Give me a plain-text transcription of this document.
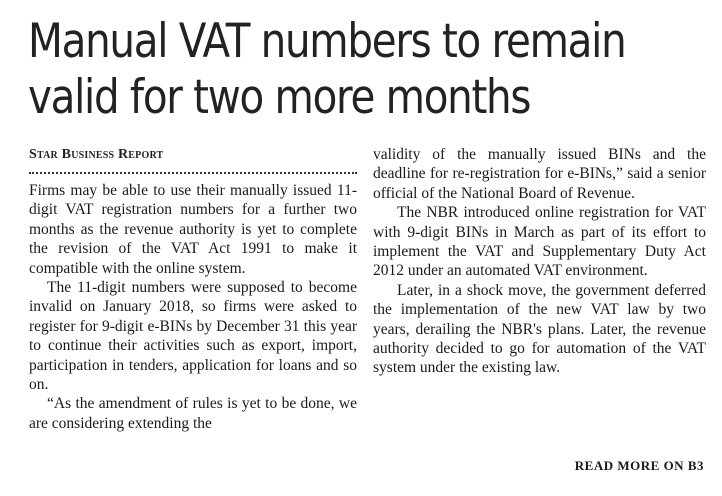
Manual VAT numbers to remain
valid for two more months
Star Business Report

Firms may be able to use their manually issued 11-digit VAT registration numbers for a further two months as the revenue authority is yet to complete the revision of the VAT Act 1991 to make it compatible with the online system.

The 11-digit numbers were supposed to become invalid on January 2018, so firms were asked to register for 9-digit e-BINs by December 31 this year to continue their activities such as export, import, participation in tenders, application for loans and so on.

“As the amendment of rules is yet to be done, we are considering extending the

validity of the manually issued BINs and the deadline for re-registration for e-BINs,” said a senior official of the National Board of Revenue.

The NBR introduced online registration for VAT with 9-digit BINs in March as part of its effort to implement the VAT and Supplementary Duty Act 2012 under an automated VAT environment.

Later, in a shock move, the government deferred the implementation of the new VAT law by two years, derailing the NBR's plans. Later, the revenue authority decided to go for automation of the VAT system under the existing law.

READ MORE ON B3
